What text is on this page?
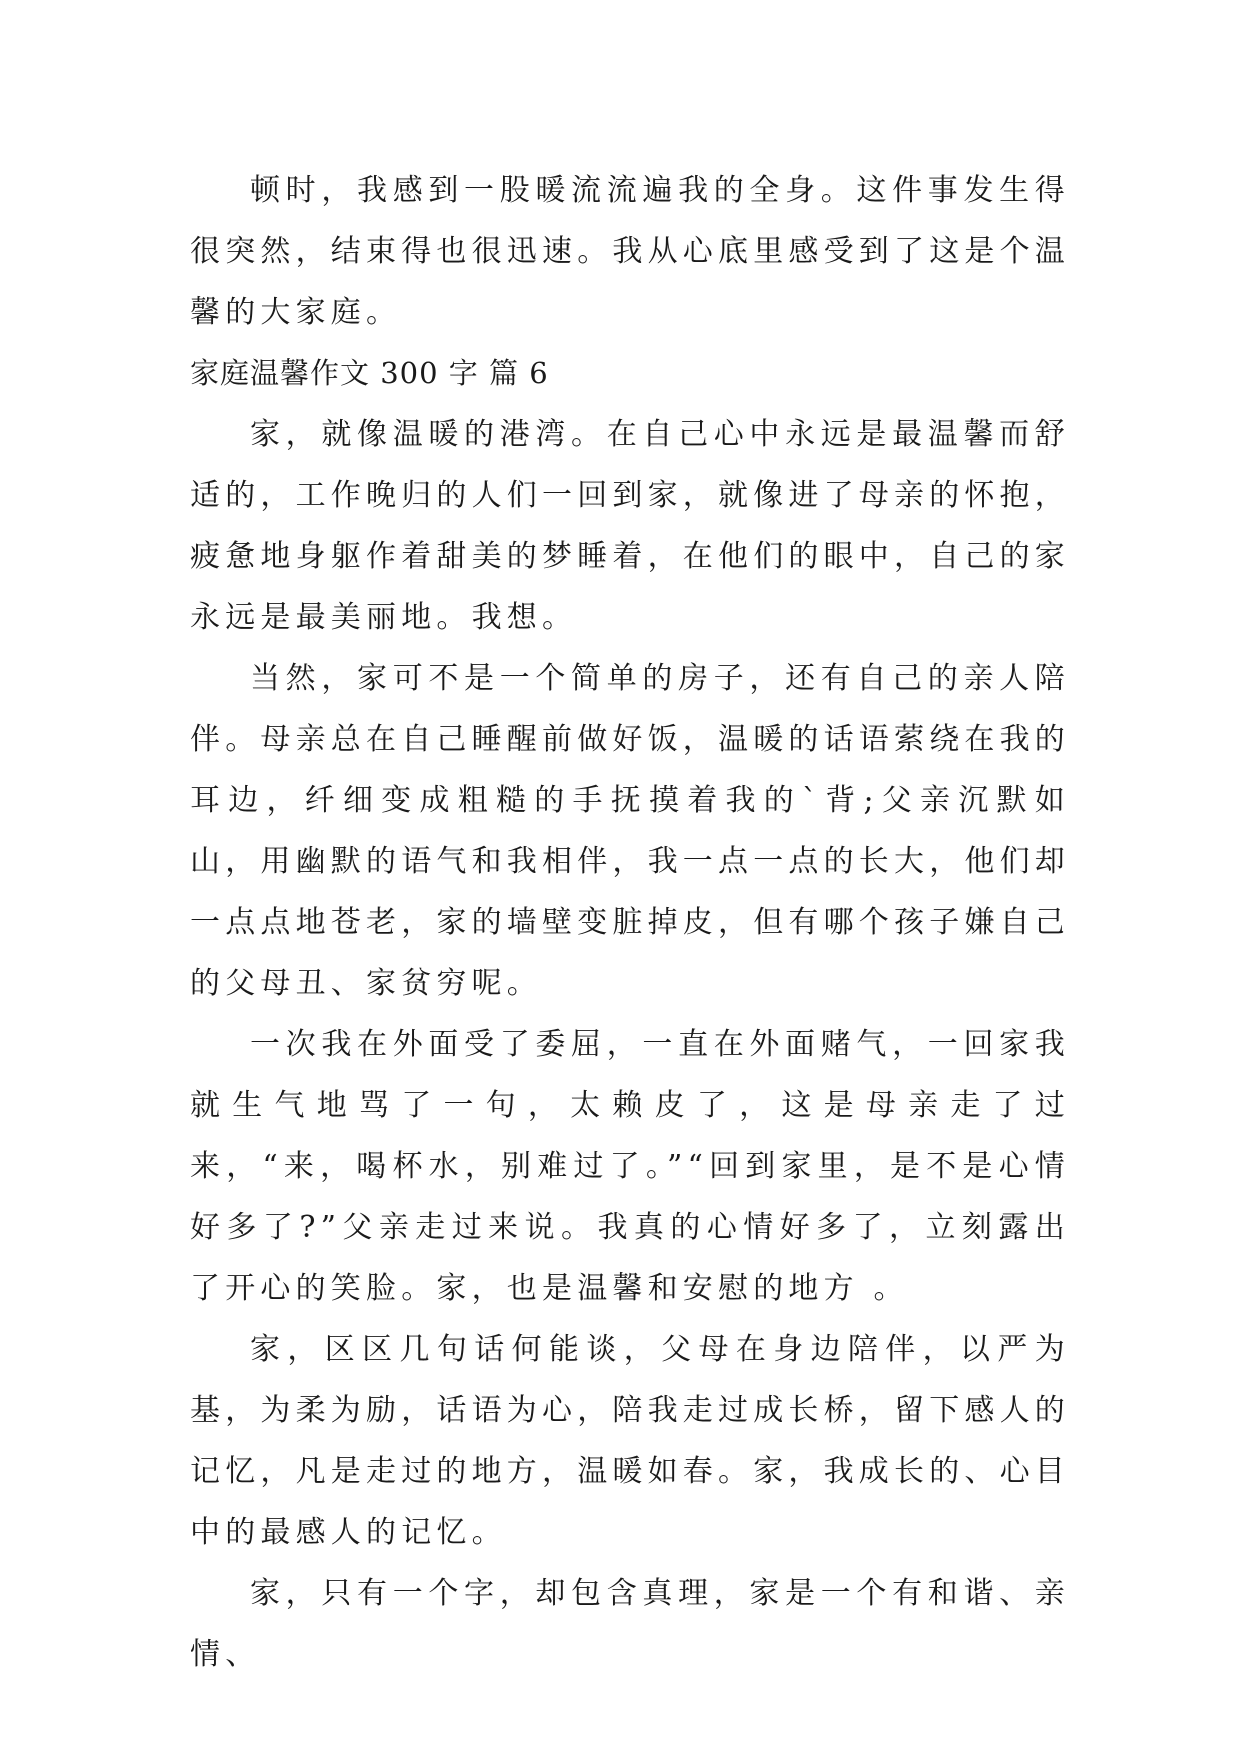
顿时，我感到一股暖流流遍我的全身。这件事发生得很突然，结束得也很迅速。我从心底里感受到了这是个温馨的大家庭。

家庭温馨作文 300 字 篇 6

家，就像温暖的港湾。在自己心中永远是最温馨而舒适的，工作晚归的人们一回到家，就像进了母亲的怀抱，疲惫地身躯作着甜美的梦睡着，在他们的眼中，自己的家永远是最美丽地。我想。

当然，家可不是一个简单的房子，还有自己的亲人陪伴。母亲总在自己睡醒前做好饭，温暖的话语萦绕在我的耳边，纤细变成粗糙的手抚摸着我的`背;父亲沉默如山，用幽默的语气和我相伴，我一点一点的长大，他们却一点点地苍老，家的墙壁变脏掉皮，但有哪个孩子嫌自己的父母丑、家贫穷呢。

一次我在外面受了委屈，一直在外面赌气，一回家我就生气地骂了一句，太赖皮了，这是母亲走了过来，“来，喝杯水，别难过了。”“回到家里，是不是心情好多了?”父亲走过来说。我真的心情好多了，立刻露出了开心的笑脸。家，也是温馨和安慰的地方 。

家，区区几句话何能谈，父母在身边陪伴，以严为基，为柔为励，话语为心，陪我走过成长桥，留下感人的记忆，凡是走过的地方，温暖如春。家，我成长的、心目中的最感人的记忆。

家，只有一个字，却包含真理，家是一个有和谐、亲情、
